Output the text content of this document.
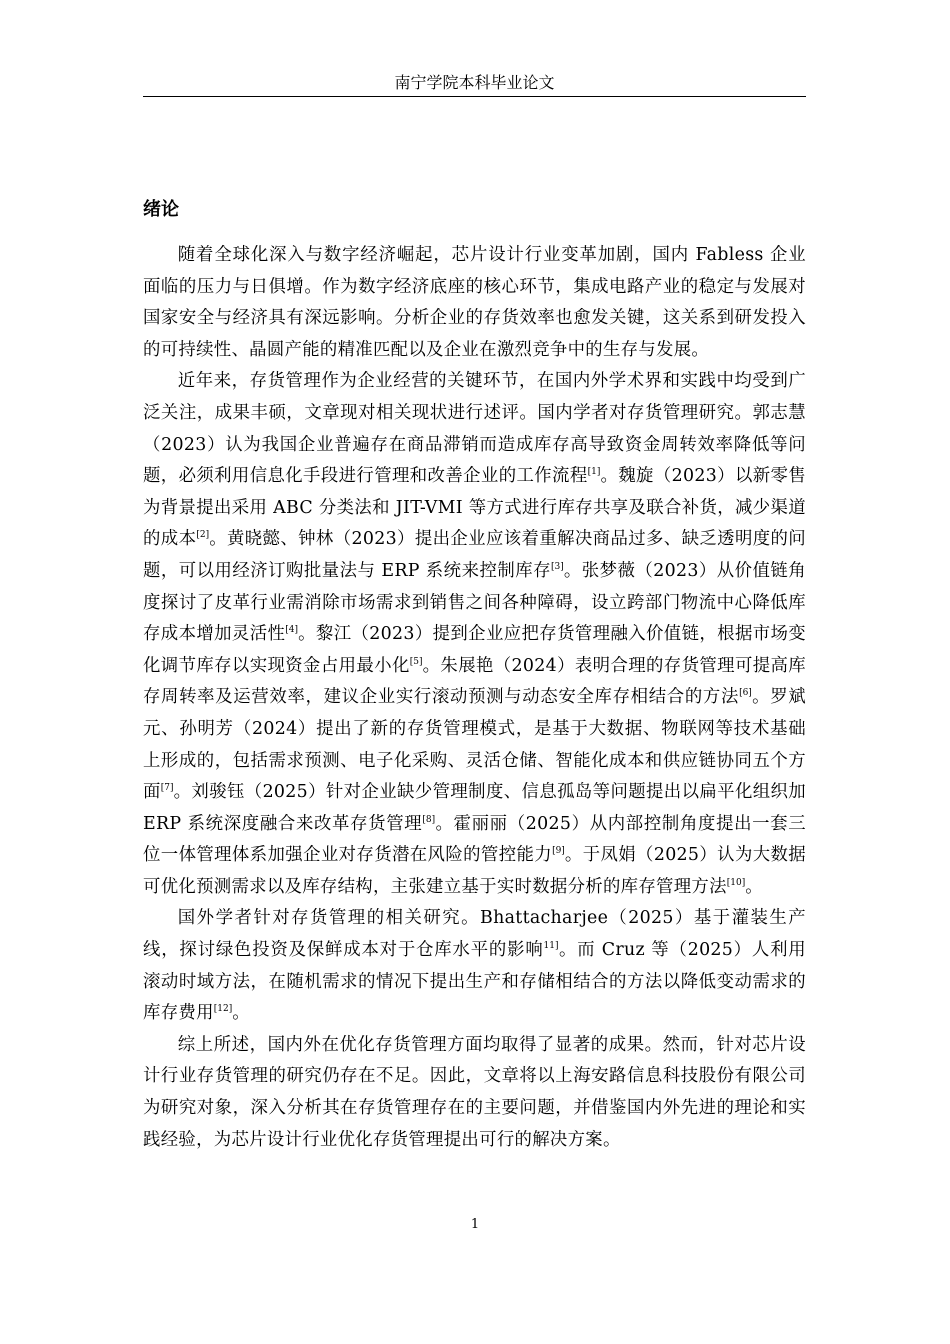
南宁学院本科毕业论文
绪论

随着全球化深入与数字经济崛起，芯片设计行业变革加剧，国内 Fabless 企业面临的压力与日俱增。作为数字经济底座的核心环节，集成电路产业的稳定与发展对国家安全与经济具有深远影响。分析企业的存货效率也愈发关键，这关系到研发投入的可持续性、晶圆产能的精准匹配以及企业在激烈竞争中的生存与发展。

近年来，存货管理作为企业经营的关键环节，在国内外学术界和实践中均受到广泛关注，成果丰硕，文章现对相关现状进行述评。国内学者对存货管理研究。郭志慧（2023）认为我国企业普遍存在商品滞销而造成库存高导致资金周转效率降低等问题，必须利用信息化手段进行管理和改善企业的工作流程[1]。魏旋（2023）以新零售为背景提出采用 ABC 分类法和 JIT-VMI 等方式进行库存共享及联合补货，减少渠道的成本[2]。黄晓懿、钟林（2023）提出企业应该着重解决商品过多、缺乏透明度的问题，可以用经济订购批量法与 ERP 系统来控制库存[3]。张梦薇（2023）从价值链角度探讨了皮革行业需消除市场需求到销售之间各种障碍，设立跨部门物流中心降低库存成本增加灵活性[4]。黎江（2023）提到企业应把存货管理融入价值链，根据市场变化调节库存以实现资金占用最小化[5]。朱展艳（2024）表明合理的存货管理可提高库存周转率及运营效率，建议企业实行滚动预测与动态安全库存相结合的方法[6]。罗斌元、孙明芳（2024）提出了新的存货管理模式，是基于大数据、物联网等技术基础上形成的，包括需求预测、电子化采购、灵活仓储、智能化成本和供应链协同五个方面[7]。刘骏钰（2025）针对企业缺少管理制度、信息孤岛等问题提出以扁平化组织加 ERP 系统深度融合来改革存货管理[8]。霍丽丽（2025）从内部控制角度提出一套三位一体管理体系加强企业对存货潜在风险的管控能力[9]。于凤娟（2025）认为大数据可优化预测需求以及库存结构，主张建立基于实时数据分析的库存管理方法[10]。

国外学者针对存货管理的相关研究。Bhattacharjee（2025）基于灌装生产线，探讨绿色投资及保鲜成本对于仓库水平的影响$^{11]}$。而 Cruz 等（2025）人利用滚动时域方法，在随机需求的情况下提出生产和存储相结合的方法以降低变动需求的库存费用[12]。

综上所述，国内外在优化存货管理方面均取得了显著的成果。然而，针对芯片设计行业存货管理的研究仍存在不足。因此，文章将以上海安路信息科技股份有限公司为研究对象，深入分析其在存货管理存在的主要问题，并借鉴国内外先进的理论和实践经验，为芯片设计行业优化存货管理提出可行的解决方案。

1
